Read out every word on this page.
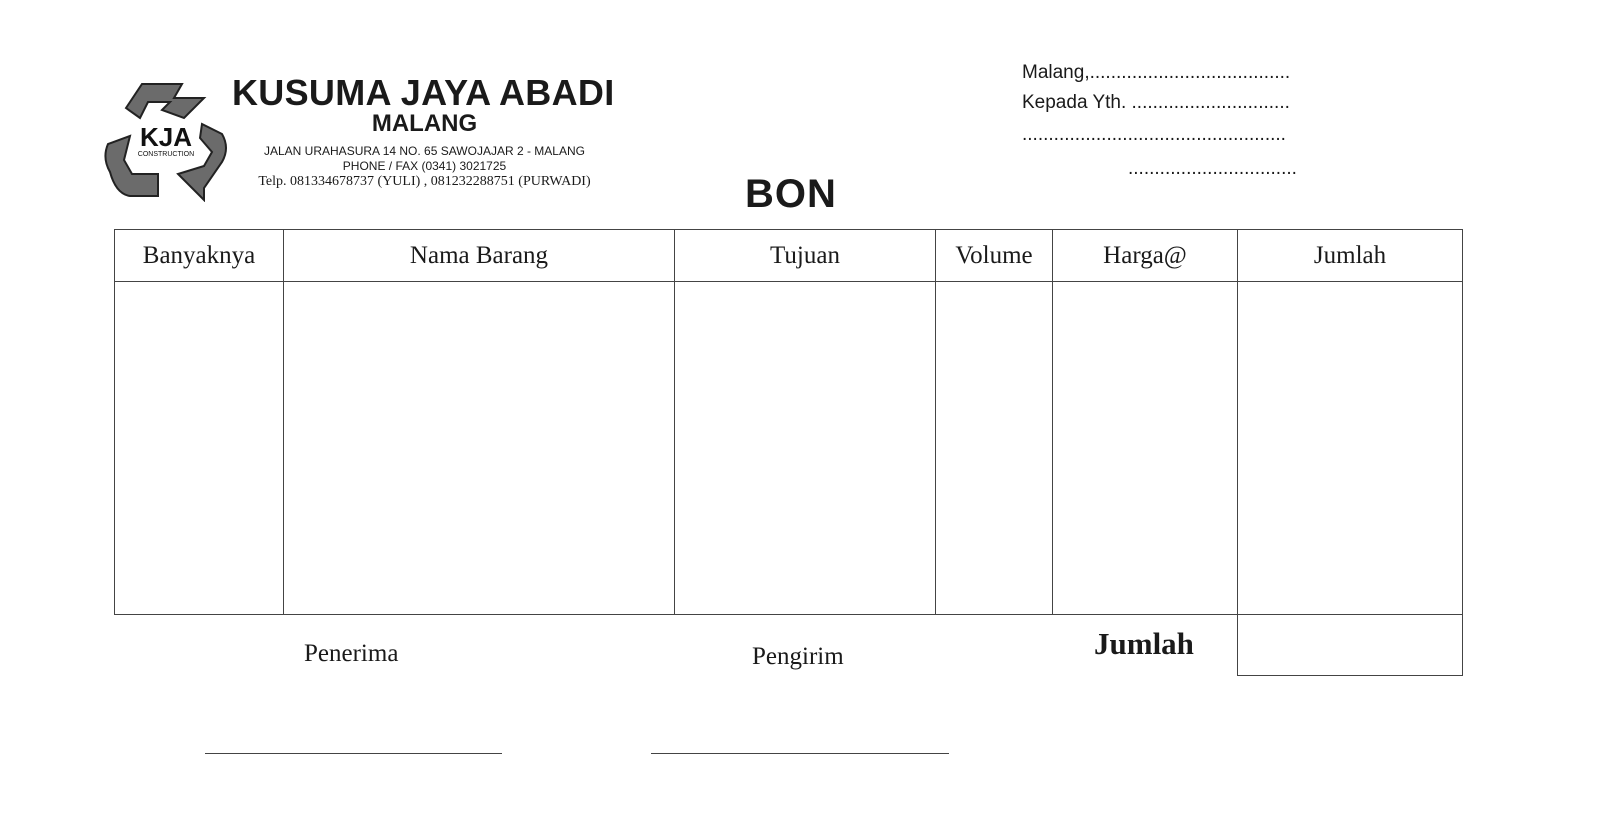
KJA
CONSTRUCTION
KUSUMA JAYA ABADI
MALANG
JALAN URAHASURA 14 NO. 65 SAWOJAJAR 2 - MALANG
PHONE / FAX (0341) 3021725
Telp. 081334678737 (YULI) , 081232288751 (PURWADI)
Malang,......................................
Kepada Yth. ..............................
..................................................
................................
BON
Banyaknya	Nama Barang	Tujuan	Volume	Harga@	Jumlah

Penerima	Pengirim	Jumlah
